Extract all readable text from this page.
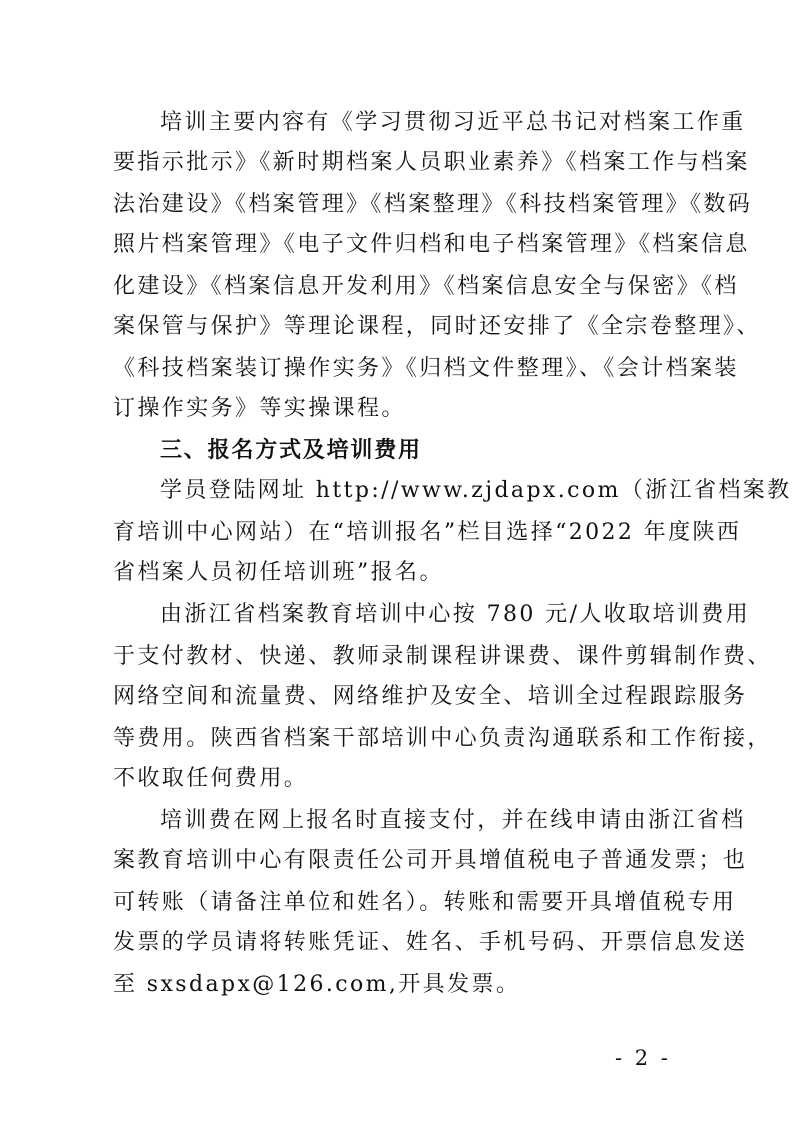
培训主要内容有《学习贯彻习近平总书记对档案工作重
要指示批示》《新时期档案人员职业素养》《档案工作与档案
法治建设》《档案管理》《档案整理》《科技档案管理》《数码
照片档案管理》《电子文件归档和电子档案管理》《档案信息
化建设》《档案信息开发利用》《档案信息安全与保密》《档
案保管与保护》等理论课程，同时还安排了《全宗卷整理》、
《科技档案装订操作实务》《归档文件整理》、《会计档案装
订操作实务》等实操课程。
三、报名方式及培训费用
学员登陆网址 http://www.zjdapx.com（浙江省档案教
育培训中心网站）在“培训报名”栏目选择“2022 年度陕西
省档案人员初任培训班”报名。
由浙江省档案教育培训中心按 780 元/人收取培训费用
于支付教材、快递、教师录制课程讲课费、课件剪辑制作费、
网络空间和流量费、网络维护及安全、培训全过程跟踪服务
等费用。陕西省档案干部培训中心负责沟通联系和工作衔接，
不收取任何费用。
培训费在网上报名时直接支付，并在线申请由浙江省档
案教育培训中心有限责任公司开具增值税电子普通发票；也
可转账（请备注单位和姓名）。转账和需要开具增值税专用
发票的学员请将转账凭证、姓名、手机号码、开票信息发送
至 sxsdapx@126.com,开具发票。
- 2 -
